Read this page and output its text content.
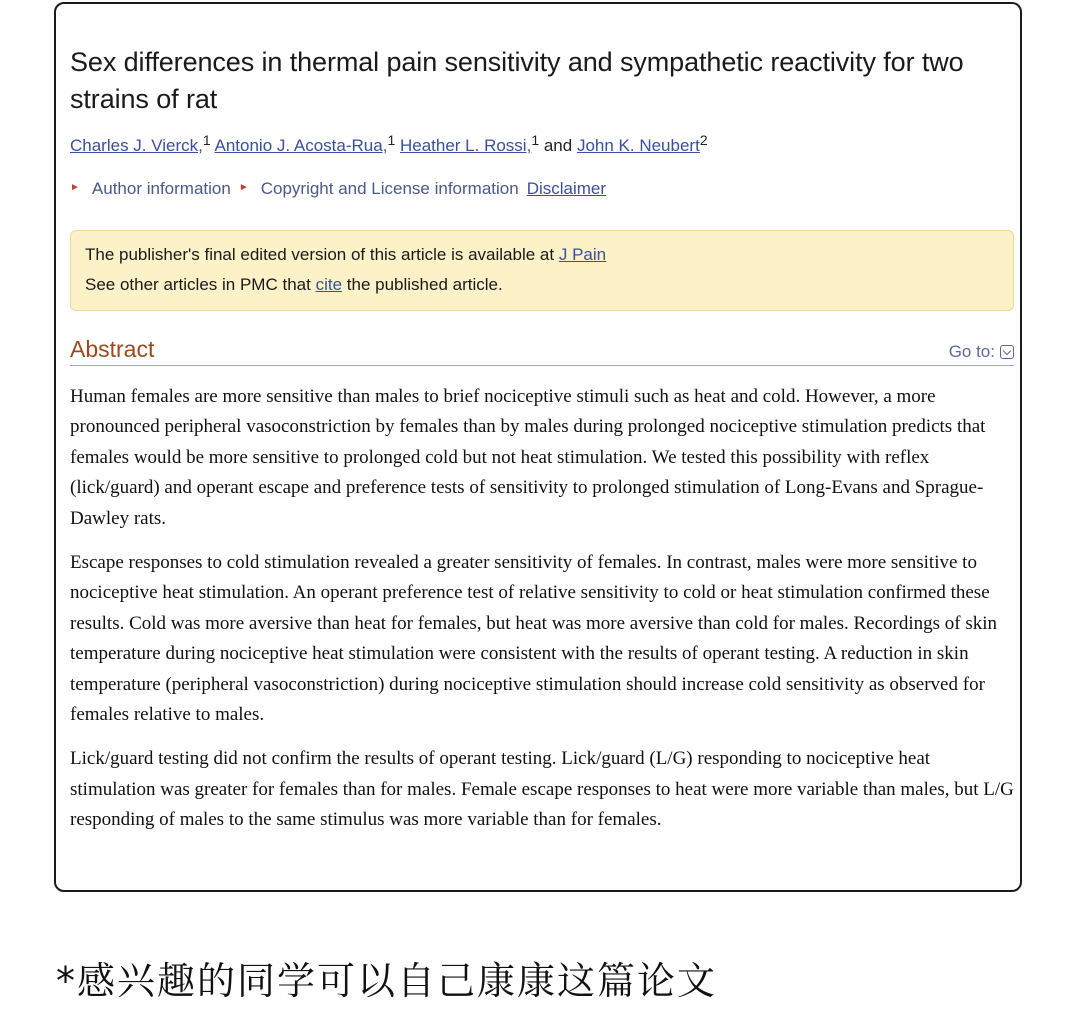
Sex differences in thermal pain sensitivity and sympathetic reactivity for two strains of rat
Charles J. Vierck,$^1$ Antonio J. Acosta-Rua,$^1$ Heather L. Rossi,$^1$ and John K. Neubert$^2$
► Author information ► Copyright and License information Disclaimer
The publisher's final edited version of this article is available at J Pain
See other articles in PMC that cite the published article.
Abstract	Go to:

Human females are more sensitive than males to brief nociceptive stimuli such as heat and cold. However, a more pronounced peripheral vasoconstriction by females than by males during prolonged nociceptive stimulation predicts that females would be more sensitive to prolonged cold but not heat stimulation. We tested this possibility with reflex (lick/guard) and operant escape and preference tests of sensitivity to prolonged stimulation of Long-Evans and Sprague-Dawley rats.

Escape responses to cold stimulation revealed a greater sensitivity of females. In contrast, males were more sensitive to nociceptive heat stimulation. An operant preference test of relative sensitivity to cold or heat stimulation confirmed these results. Cold was more aversive than heat for females, but heat was more aversive than cold for males. Recordings of skin temperature during nociceptive heat stimulation were consistent with the results of operant testing. A reduction in skin temperature (peripheral vasoconstriction) during nociceptive stimulation should increase cold sensitivity as observed for females relative to males.

Lick/guard testing did not confirm the results of operant testing. Lick/guard (L/G) responding to nociceptive heat stimulation was greater for females than for males. Female escape responses to heat were more variable than males, but L/G responding of males to the same stimulus was more variable than for females.

*感兴趣的同学可以自己康康这篇论文
